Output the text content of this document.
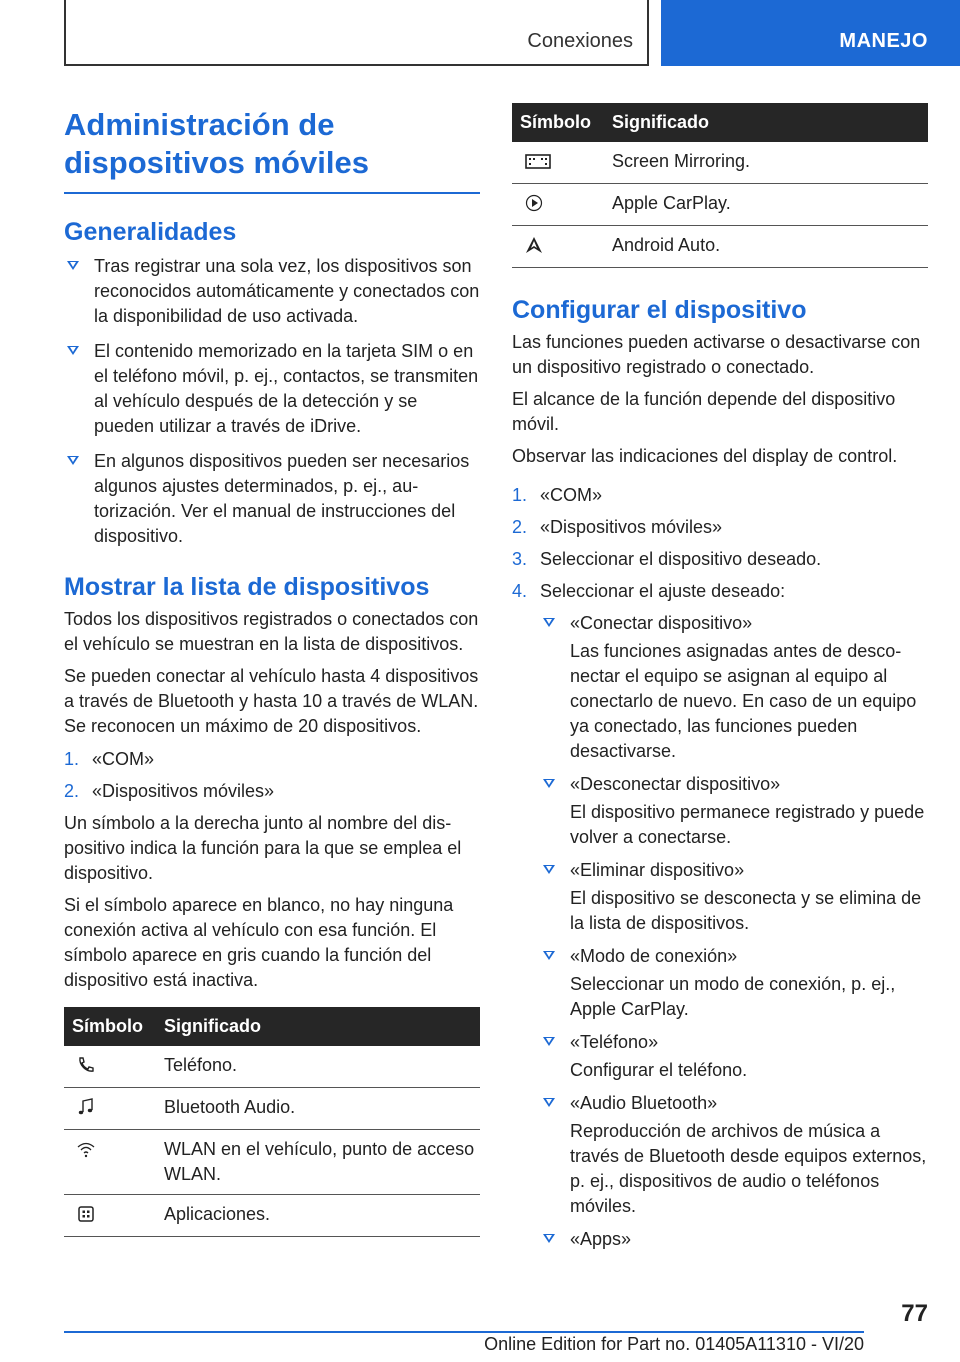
Conexiones	MANEJO
Administración de
dispositivos móviles
Generalidades
Tras registrar una sola vez, los dispositivos son reconocidos automáticamente y conectados con la disponibilidad de uso activada.
El contenido memorizado en la tarjeta SIM o en el teléfono móvil, p. ej., contactos, se transmiten al vehículo después de la detección y se pueden utilizar a través de iDrive.
En algunos dispositivos pueden ser necesarios algunos ajustes determinados, p. ej., autorización. Ver el manual de instrucciones del dispositivo.
Mostrar la lista de dispositivos
Todos los dispositivos registrados o conectados con el vehículo se muestran en la lista de dispositivos.
Se pueden conectar al vehículo hasta 4 dispositivos a través de Bluetooth y hasta 10 a través de WLAN. Se reconocen un máximo de 20 dispositivos.
1. «COM»
2. «Dispositivos móviles»
Un símbolo a la derecha junto al nombre del dispositivo indica la función para la que se emplea el dispositivo.
Si el símbolo aparece en blanco, no hay ninguna conexión activa al vehículo con esa función. El símbolo aparece en gris cuando la función del dispositivo está inactiva.
Símbolo	Significado
	Teléfono.
	Bluetooth Audio.
	WLAN en el vehículo, punto de acceso WLAN.
	Aplicaciones.
Símbolo	Significado
	Screen Mirroring.
	Apple CarPlay.
	Android Auto.
Configurar el dispositivo
Las funciones pueden activarse o desactivarse con un dispositivo registrado o conectado.
El alcance de la función depende del dispositivo móvil.
Observar las indicaciones del display de control.
1. «COM»
2. «Dispositivos móviles»
3. Seleccionar el dispositivo deseado.
4. Seleccionar el ajuste deseado:
«Conectar dispositivo»
Las funciones asignadas antes de desconectar el equipo se asignan al equipo al conectarlo de nuevo. En caso de un equipo ya conectado, las funciones pueden desactivarse.
«Desconectar dispositivo»
El dispositivo permanece registrado y puede volver a conectarse.
«Eliminar dispositivo»
El dispositivo se desconecta y se elimina de la lista de dispositivos.
«Modo de conexión»
Seleccionar un modo de conexión, p. ej., Apple CarPlay.
«Teléfono»
Configurar el teléfono.
«Audio Bluetooth»
Reproducción de archivos de música a través de Bluetooth desde equipos externos, p. ej., dispositivos de audio o teléfonos móviles.
«Apps»
77
Online Edition for Part no. 01405A11310 - VI/20
